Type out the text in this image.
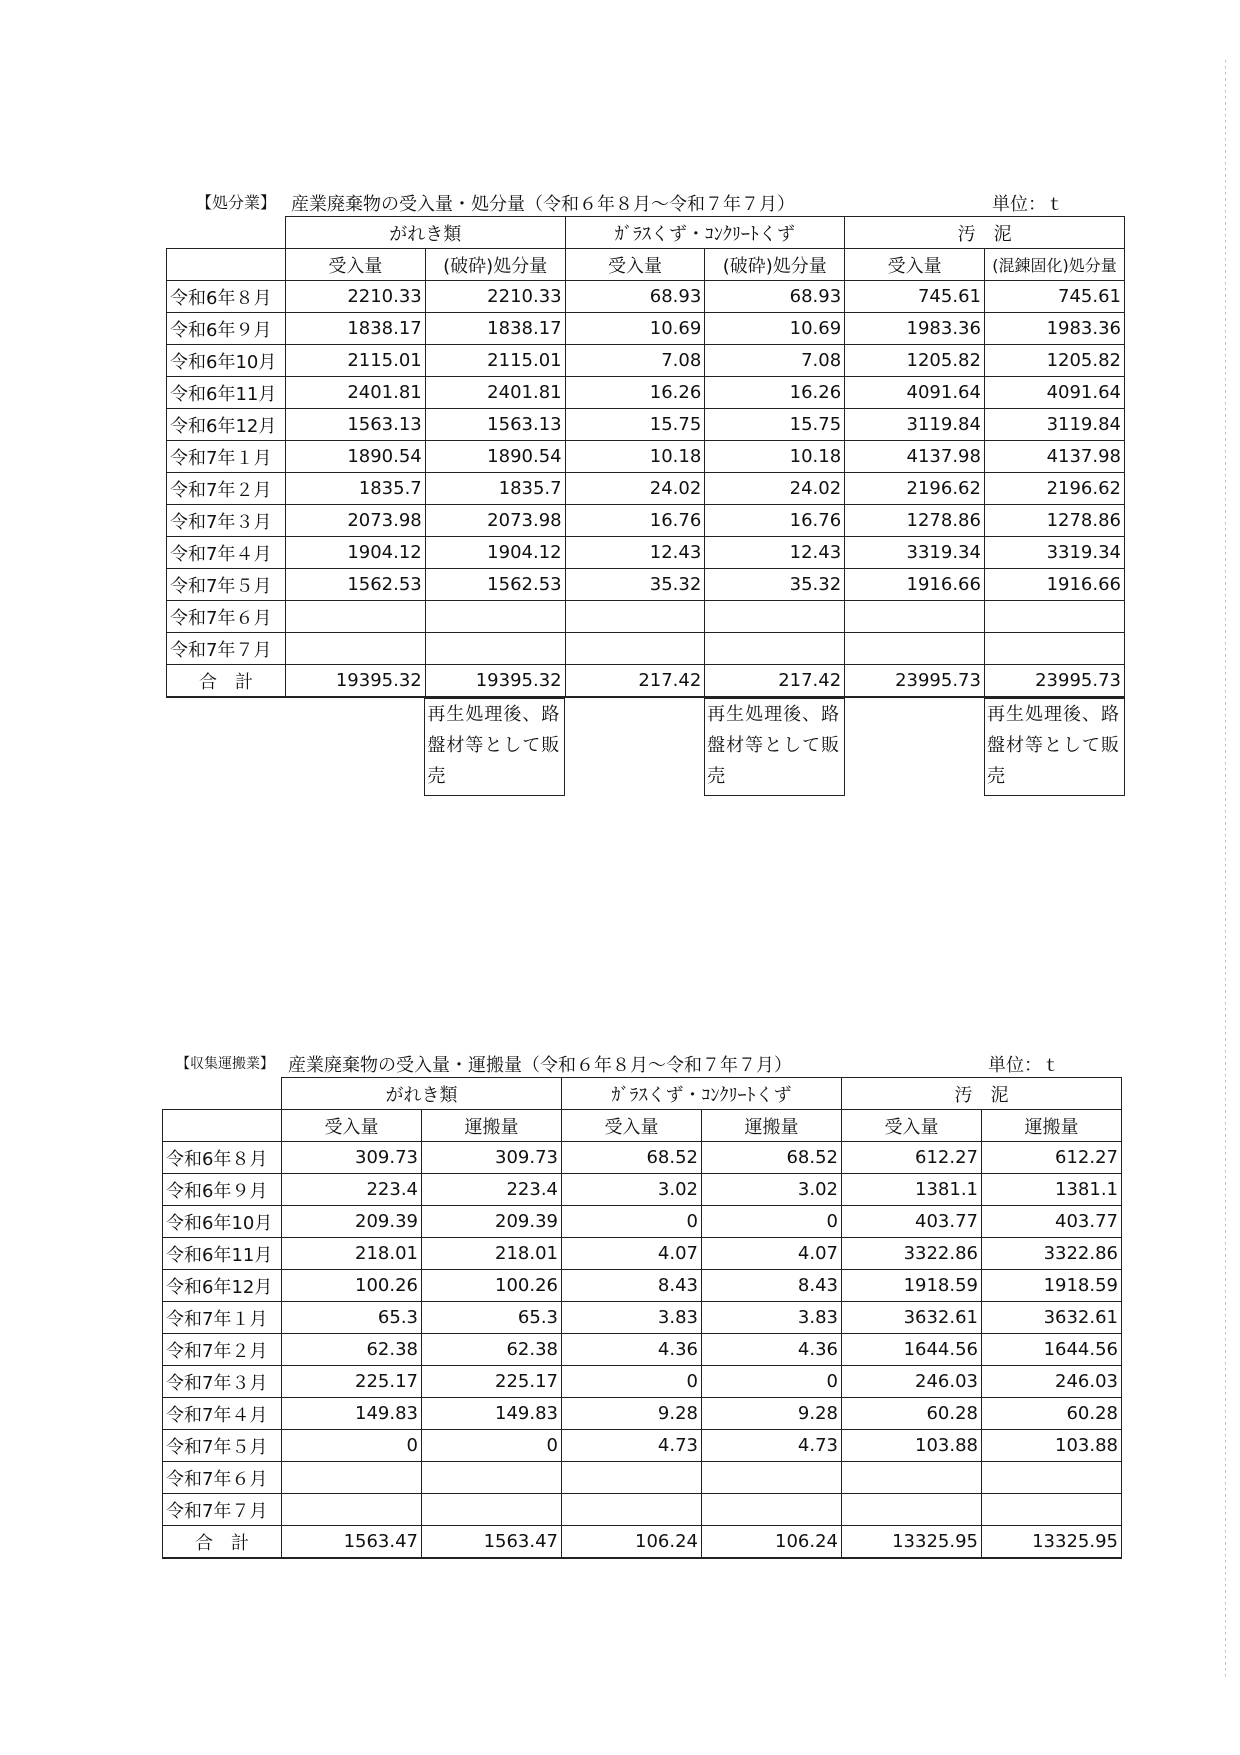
【処分業】 産業廃棄物の受入量・処分量（令和６年８月～令和７年７月）	単位：ｔ
	がれき類		ｶﾞﾗｽくず・ｺﾝｸﾘｰﾄくず		汚　泥	
	受入量	(破砕)処分量	受入量	(破砕)処分量	受入量	(混錬固化)処分量
令和6年８月	2210.33	2210.33	68.93	68.93	745.61	745.61
令和6年９月	1838.17	1838.17	10.69	10.69	1983.36	1983.36
令和6年10月	2115.01	2115.01	7.08	7.08	1205.82	1205.82
令和6年11月	2401.81	2401.81	16.26	16.26	4091.64	4091.64
令和6年12月	1563.13	1563.13	15.75	15.75	3119.84	3119.84
令和7年１月	1890.54	1890.54	10.18	10.18	4137.98	4137.98
令和7年２月	1835.7	1835.7	24.02	24.02	2196.62	2196.62
令和7年３月	2073.98	2073.98	16.76	16.76	1278.86	1278.86
令和7年４月	1904.12	1904.12	12.43	12.43	3319.34	3319.34
令和7年５月	1562.53	1562.53	35.32	35.32	1916.66	1916.66
令和7年６月						
令和7年７月						
合　計	19395.32	19395.32	217.42	217.42	23995.73	23995.73
		再生処理後、路盤材等として販売		再生処理後、路盤材等として販売		再生処理後、路盤材等として販売
【収集運搬業】 産業廃棄物の受入量・運搬量（令和６年８月～令和７年７月）	単位：ｔ
	がれき類		ｶﾞﾗｽくず・ｺﾝｸﾘｰﾄくず		汚　泥	
	受入量	運搬量	受入量	運搬量	受入量	運搬量
令和6年８月	309.73	309.73	68.52	68.52	612.27	612.27
令和6年９月	223.4	223.4	3.02	3.02	1381.1	1381.1
令和6年10月	209.39	209.39	0	0	403.77	403.77
令和6年11月	218.01	218.01	4.07	4.07	3322.86	3322.86
令和6年12月	100.26	100.26	8.43	8.43	1918.59	1918.59
令和7年１月	65.3	65.3	3.83	3.83	3632.61	3632.61
令和7年２月	62.38	62.38	4.36	4.36	1644.56	1644.56
令和7年３月	225.17	225.17	0	0	246.03	246.03
令和7年４月	149.83	149.83	9.28	9.28	60.28	60.28
令和7年５月	0	0	4.73	4.73	103.88	103.88
令和7年６月						
令和7年７月						
合　計	1563.47	1563.47	106.24	106.24	13325.95	13325.95
